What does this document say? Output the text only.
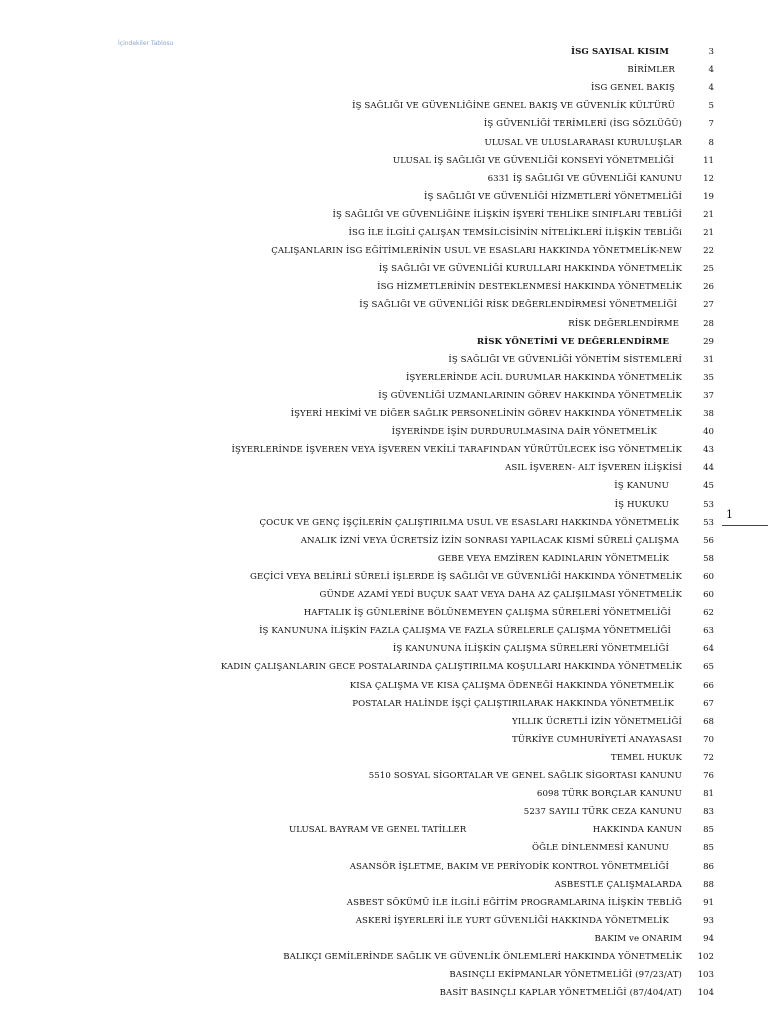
İçindekiler Tablosu
İSG SAYISAL KISIM	3
BİRİMLER	4
İSG GENEL BAKIŞ	4
İŞ SAĞLIĞI VE GÜVENLİĞİNE GENEL BAKIŞ VE GÜVENLİK KÜLTÜRÜ	5
İŞ GÜVENLİĞİ TERİMLERİ (İSG SÖZLÜĞÜ)	7
ULUSAL VE ULUSLARARASI KURULUŞLAR	8
ULUSAL İŞ SAĞLIĞI VE GÜVENLİĞİ KONSEYİ YÖNETMELİĞİ	11
6331 İŞ SAĞLIĞI VE GÜVENLİĞİ KANUNU	12
İŞ SAĞLIĞI VE GÜVENLİĞİ HİZMETLERİ YÖNETMELİĞİ	19
İŞ SAĞLIĞI VE GÜVENLİĞİNE İLİŞKİN İŞYERİ TEHLİKE SINIFLARI TEBLİĞİ	21
İSG İLE İLGİLİ ÇALIŞAN TEMSİLCİSİNİN NİTELİKLERİ İLİŞKİN TEBLİĞi	21
ÇALIŞANLARIN İSG EĞİTİMLERİNİN USUL VE ESASLARI HAKKINDA YÖNETMELİK-NEW	22
İŞ SAĞLIĞI VE GÜVENLİĞİ KURULLARI HAKKINDA YÖNETMELİK	25
İSG HİZMETLERİNİN DESTEKLENMESİ HAKKINDA YÖNETMELİK	26
İŞ SAĞLIĞI VE GÜVENLİĞİ RİSK DEĞERLENDİRMESİ YÖNETMELİĞİ	27
RİSK DEĞERLENDİRME	28
RİSK YÖNETİMİ VE DEĞERLENDİRME	29
İŞ SAĞLIĞI VE GÜVENLİĞİ YÖNETİM SİSTEMLERİ	31
İŞYERLERİNDE ACİL DURUMLAR HAKKINDA YÖNETMELİK	35
İŞ GÜVENLİĞİ UZMANLARININ GÖREV HAKKINDA YÖNETMELİK	37
İŞYERİ HEKİMİ VE DİĞER SAĞLIK PERSONELİNİN GÖREV HAKKINDA YÖNETMELİK	38
İŞYERİNDE İŞİN DURDURULMASINA DAİR YÖNETMELİK	40
İŞYERLERİNDE İŞVEREN VEYA İŞVEREN VEKİLİ TARAFINDAN YÜRÜTÜLECEK İSG YÖNETMELİK	43
ASIL İŞVEREN- ALT İŞVEREN İLİŞKİSİ	44
İŞ KANUNU	45
İŞ HUKUKU	53
ÇOCUK VE GENÇ İŞÇİLERİN ÇALIŞTIRILMA USUL VE ESASLARI HAKKINDA YÖNETMELİK	53
ANALIK İZNİ VEYA ÜCRETSİZ İZİN SONRASI YAPILACAK KISMİ SÜRELİ ÇALIŞMA	56
GEBE VEYA EMZİREN KADINLARIN YÖNETMELİK	58
GEÇİCİ VEYA BELİRLİ SÜRELİ İŞLERDE İŞ SAĞLIĞI VE GÜVENLİĞİ HAKKINDA YÖNETMELİK	60
GÜNDE AZAMİ YEDİ BUÇUK SAAT VEYA DAHA AZ ÇALIŞILMASI YÖNETMELİK	60
HAFTALIK İŞ GÜNLERİNE BÖLÜNEMEYEN ÇALIŞMA SÜRELERİ YÖNETMELİĞİ	62
İŞ KANUNUNA İLİŞKİN FAZLA ÇALIŞMA VE FAZLA SÜRELERLE ÇALIŞMA YÖNETMELİĞİ	63
İŞ KANUNUNA İLİŞKİN ÇALIŞMA SÜRELERİ YÖNETMELİĞİ	64
KADIN ÇALIŞANLARIN GECE POSTALARINDA ÇALIŞTIRILMA KOŞULLARI HAKKINDA YÖNETMELİK	65
KISA ÇALIŞMA VE KISA ÇALIŞMA ÖDENEĞİ HAKKINDA YÖNETMELİK	66
POSTALAR HALİNDE İŞÇİ ÇALIŞTIRILARAK HAKKINDA YÖNETMELİK	67
YILLIK ÜCRETLİ İZİN YÖNETMELİĞİ	68
TÜRKİYE CUMHURİYETİ ANAYASASI	70
TEMEL HUKUK	72
5510 SOSYAL SİGORTALAR VE GENEL SAĞLIK SİGORTASI KANUNU	76
6098 TÜRK BORÇLAR KANUNU	81
5237 SAYILI TÜRK CEZA KANUNU	83
ULUSAL BAYRAM VE GENEL TATİLLER	HAKKINDA KANUN	85
ÖĞLE DİNLENMESİ KANUNU	85
ASANSÖR İŞLETME, BAKIM VE PERİYODİK KONTROL YÖNETMELİĞİ	86
ASBESTLE ÇALIŞMALARDA	88
ASBEST SÖKÜMÜ İLE İLGİLİ EĞİTİM PROGRAMLARINA İLİŞKİN TEBLİĞ	91
ASKERİ İŞYERLERİ İLE YURT GÜVENLİĞİ HAKKINDA YÖNETMELİK	93
BAKIM ve ONARIM	94
BALIKÇI GEMİLERİNDE SAĞLIK VE GÜVENLİK ÖNLEMLERİ HAKKINDA YÖNETMELİK	102
BASINÇLI EKİPMANLAR YÖNETMELİĞİ (97/23/AT)	103
BASİT BASINÇLI KAPLAR YÖNETMELİĞİ (87/404/AT)	104
1
